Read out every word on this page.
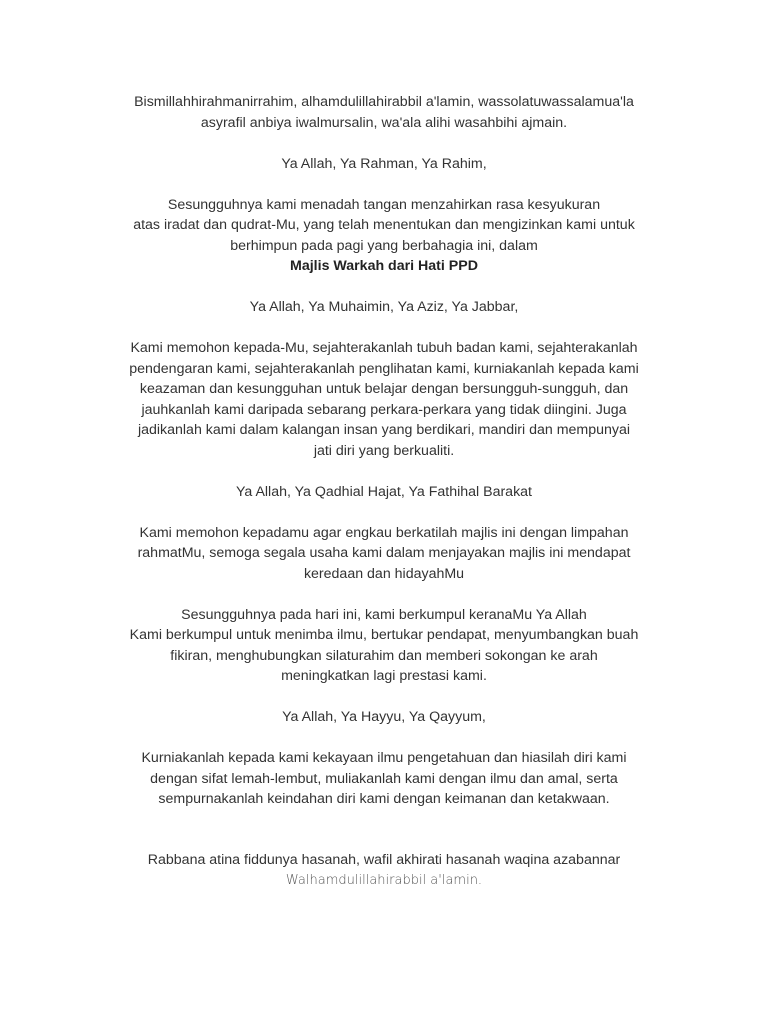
Bismillahhirahmanirrahim, alhamdulillahirabbil a'lamin, wassolatuwassalamua'la
asyrafil anbiya iwalmursalin, wa'ala alihi wasahbihi ajmain.

Ya Allah, Ya Rahman, Ya Rahim,

Sesungguhnya kami menadah tangan menzahirkan rasa kesyukuran
atas iradat dan qudrat-Mu, yang telah menentukan dan mengizinkan kami untuk
berhimpun pada pagi yang berbahagia ini, dalam
Majlis Warkah dari Hati PPD

Ya Allah, Ya Muhaimin, Ya Aziz, Ya Jabbar,

Kami memohon kepada-Mu, sejahterakanlah tubuh badan kami, sejahterakanlah
pendengaran kami, sejahterakanlah penglihatan kami, kurniakanlah kepada kami
keazaman dan kesungguhan untuk belajar dengan bersungguh-sungguh, dan
jauhkanlah kami daripada sebarang perkara-perkara yang tidak diingini. Juga
jadikanlah kami dalam kalangan insan yang berdikari, mandiri dan mempunyai
jati diri yang berkualiti.

Ya Allah, Ya Qadhial Hajat, Ya Fathihal Barakat

Kami memohon kepadamu agar engkau berkatilah majlis ini dengan limpahan
rahmatMu, semoga segala usaha kami dalam menjayakan majlis ini mendapat
keredaan dan hidayahMu

Sesungguhnya pada hari ini, kami berkumpul keranaMu Ya Allah
Kami berkumpul untuk menimba ilmu, bertukar pendapat, menyumbangkan buah
fikiran, menghubungkan silaturahim dan memberi sokongan ke arah
meningkatkan lagi prestasi kami.

Ya Allah, Ya Hayyu, Ya Qayyum,

Kurniakanlah kepada kami kekayaan ilmu pengetahuan dan hiasilah diri kami
dengan sifat lemah-lembut, muliakanlah kami dengan ilmu dan amal, serta
sempurnakanlah keindahan diri kami dengan keimanan dan ketakwaan.

Rabbana atina fiddunya hasanah, wafil akhirati hasanah waqina azabannar
Walhamdulillahirabbil a'lamin.
